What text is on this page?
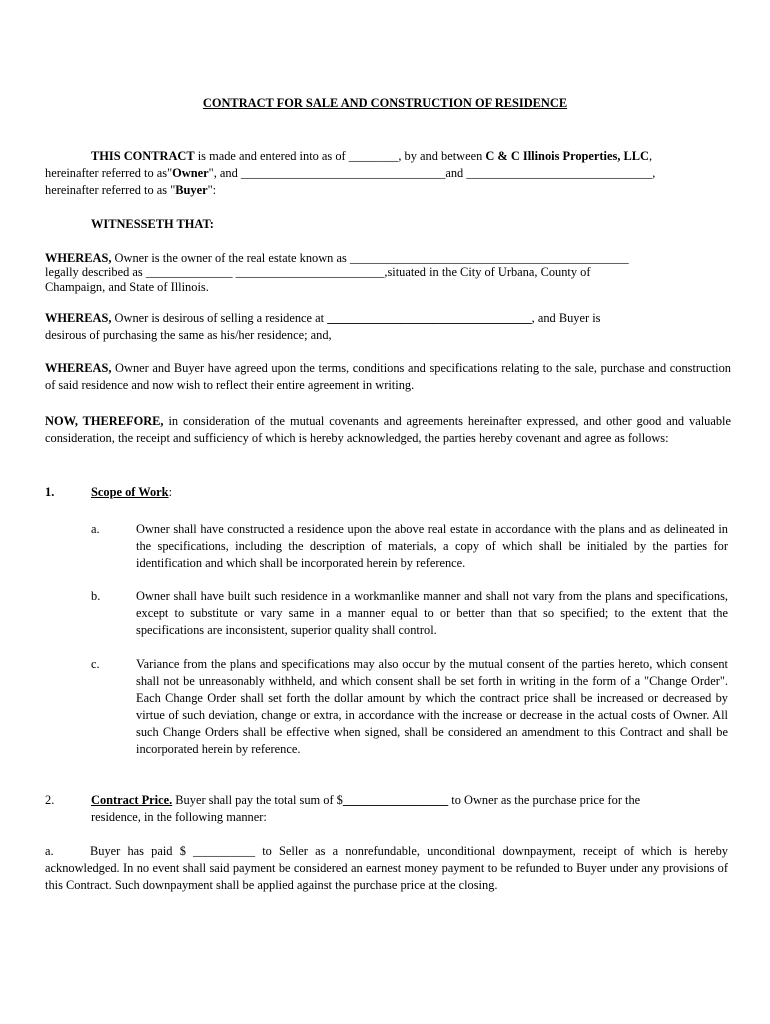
CONTRACT FOR SALE AND CONSTRUCTION OF RESIDENCE
THIS CONTRACT is made and entered into as of ________, by and between C & C Illinois Properties, LLC,
hereinafter referred to as"Owner", and _________________________________and ______________________________,
hereinafter referred to as "Buyer":
WITNESSETH THAT:
WHEREAS, Owner is the owner of the real estate known as _____________________________________________
legally described as ______________ ________________________,situated in the City of Urbana, County of
Champaign, and State of Illinois.
WHEREAS, Owner is desirous of selling a residence at _________________________________, and Buyer is
desirous of purchasing the same as his/her residence; and,
WHEREAS, Owner and Buyer have agreed upon the terms, conditions and specifications relating to the sale, purchase and construction of said residence and now wish to reflect their entire agreement in writing.
NOW, THEREFORE, in consideration of the mutual covenants and agreements hereinafter expressed, and other good and valuable consideration, the receipt and sufficiency of which is hereby acknowledged, the parties hereby covenant and agree as follows:
1.	Scope of Work:
a.	Owner shall have constructed a residence upon the above real estate in accordance with the plans and as delineated in the specifications, including the description of materials, a copy of which shall be initialed by the parties for identification and which shall be incorporated herein by reference.
b.	Owner shall have built such residence in a workmanlike manner and shall not vary from the plans and specifications, except to substitute or vary same in a manner equal to or better than that so specified; to the extent that the specifications are inconsistent, superior quality shall control.
c.	Variance from the plans and specifications may also occur by the mutual consent of the parties hereto, which consent shall not be unreasonably withheld, and which consent shall be set forth in writing in the form of a "Change Order". Each Change Order shall set forth the dollar amount by which the contract price shall be increased or decreased by virtue of such deviation, change or extra, in accordance with the increase or decrease in the actual costs of Owner. All such Change Orders shall be effective when signed, shall be considered an amendment to this Contract and shall be incorporated herein by reference.
2.	Contract Price. Buyer shall pay the total sum of $_________________ to Owner as the purchase price for the
residence, in the following manner:
a.	Buyer has paid $ __________ to Seller as a nonrefundable, unconditional downpayment, receipt of which is hereby acknowledged. In no event shall said payment be considered an earnest money payment to be refunded to Buyer under any provisions of this Contract. Such downpayment shall be applied against the purchase price at the closing.
